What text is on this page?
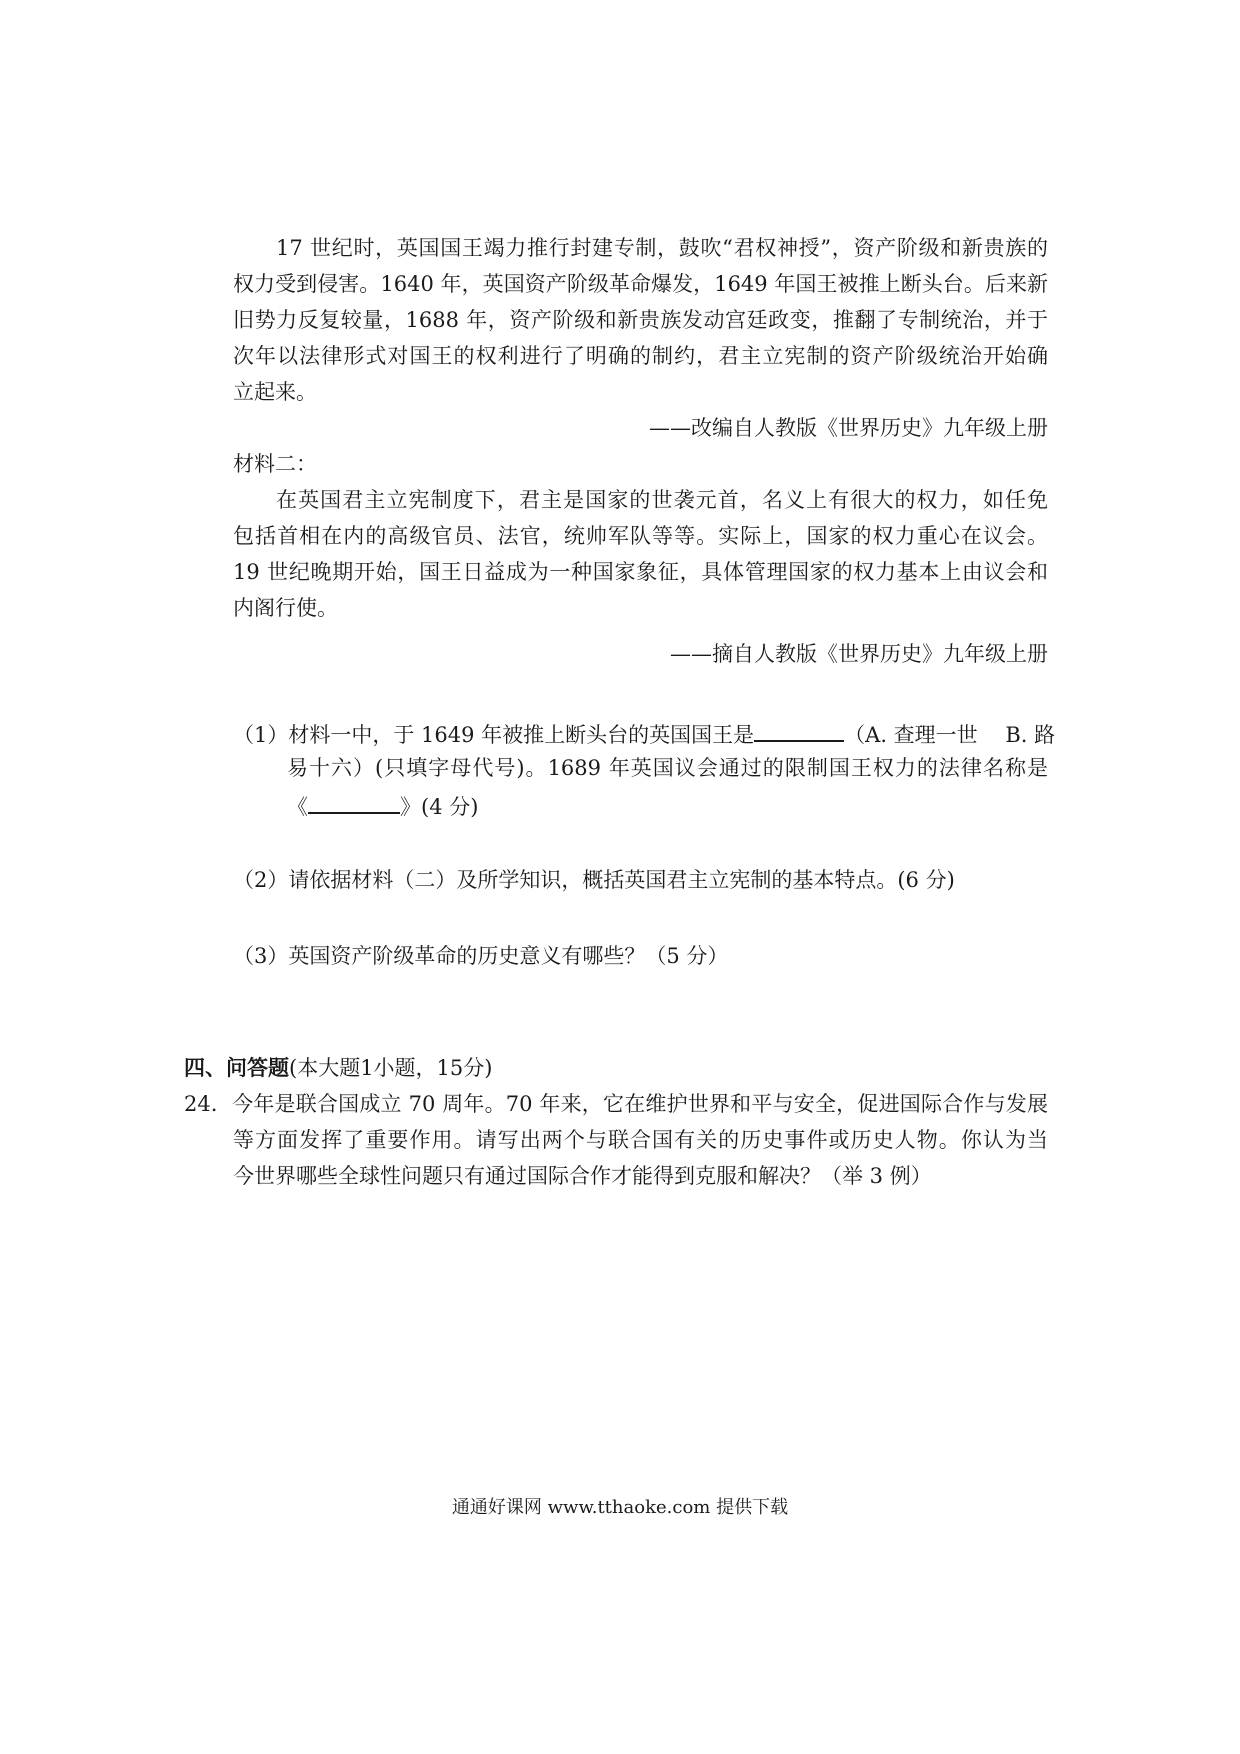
17 世纪时，英国国王竭力推行封建专制，鼓吹“君权神授”，资产阶级和新贵族的
权力受到侵害。1640 年，英国资产阶级革命爆发，1649 年国王被推上断头台。后来新
旧势力反复较量，1688 年，资产阶级和新贵族发动宫廷政变，推翻了专制统治，并于
次年以法律形式对国王的权利进行了明确的制约，君主立宪制的资产阶级统治开始确
立起来。
——改编自人教版《世界历史》九年级上册
材料二：
在英国君主立宪制度下，君主是国家的世袭元首，名义上有很大的权力，如任免
包括首相在内的高级官员、法官，统帅军队等等。实际上，国家的权力重心在议会。
19 世纪晚期开始，国王日益成为一种国家象征，具体管理国家的权力基本上由议会和
内阁行使。
——摘自人教版《世界历史》九年级上册
（1）材料一中，于 1649 年被推上断头台的英国国王是	（A. 查理一世　 B. 路
易十六）(只填字母代号)。1689 年英国议会通过的限制国王权力的法律名称是
《	》(4 分)
（2）请依据材料（二）及所学知识，概括英国君主立宪制的基本特点。(6 分)
（3）英国资产阶级革命的历史意义有哪些？（5 分）
四、问答题(本大题1小题，15分)
24．今年是联合国成立 70 周年。70 年来，它在维护世界和平与安全，促进国际合作与发展
等方面发挥了重要作用。请写出两个与联合国有关的历史事件或历史人物。你认为当
今世界哪些全球性问题只有通过国际合作才能得到克服和解决？（举 3 例）
通通好课网 www.tthaoke.com 提供下载
